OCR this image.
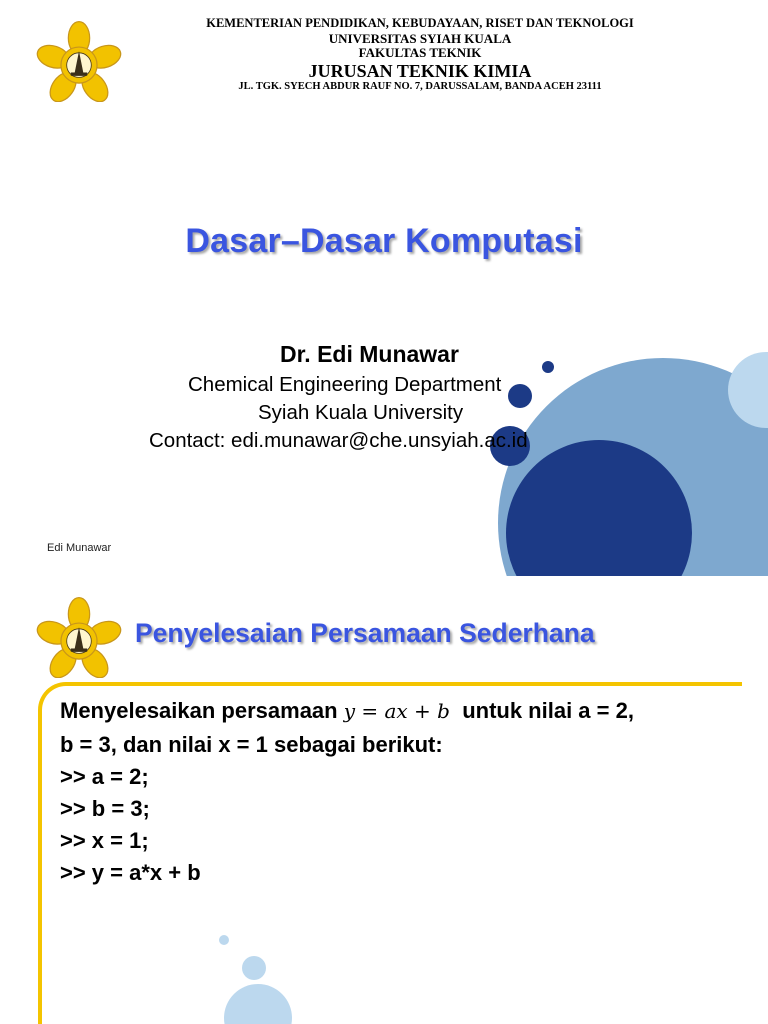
KEMENTERIAN PENDIDIKAN, KEBUDAYAAN, RISET DAN TEKNOLOGI
UNIVERSITAS SYIAH KUALA
FAKULTAS TEKNIK
JURUSAN TEKNIK KIMIA
JL. TGK. SYECH ABDUR RAUF NO. 7, DARUSSALAM, BANDA ACEH 23111
Dasar–Dasar Komputasi
Dr. Edi Munawar
Chemical Engineering Department
Syiah Kuala University
Contact: edi.munawar@che.unsyiah.ac.id
Edi Munawar
Penyelesaian Persamaan Sederhana
Menyelesaikan persamaan y = ax + b  untuk nilai a = 2,
b = 3, dan nilai x = 1 sebagai berikut:
>> a = 2;
>> b = 3;
>> x = 1;
>> y = a*x + b
